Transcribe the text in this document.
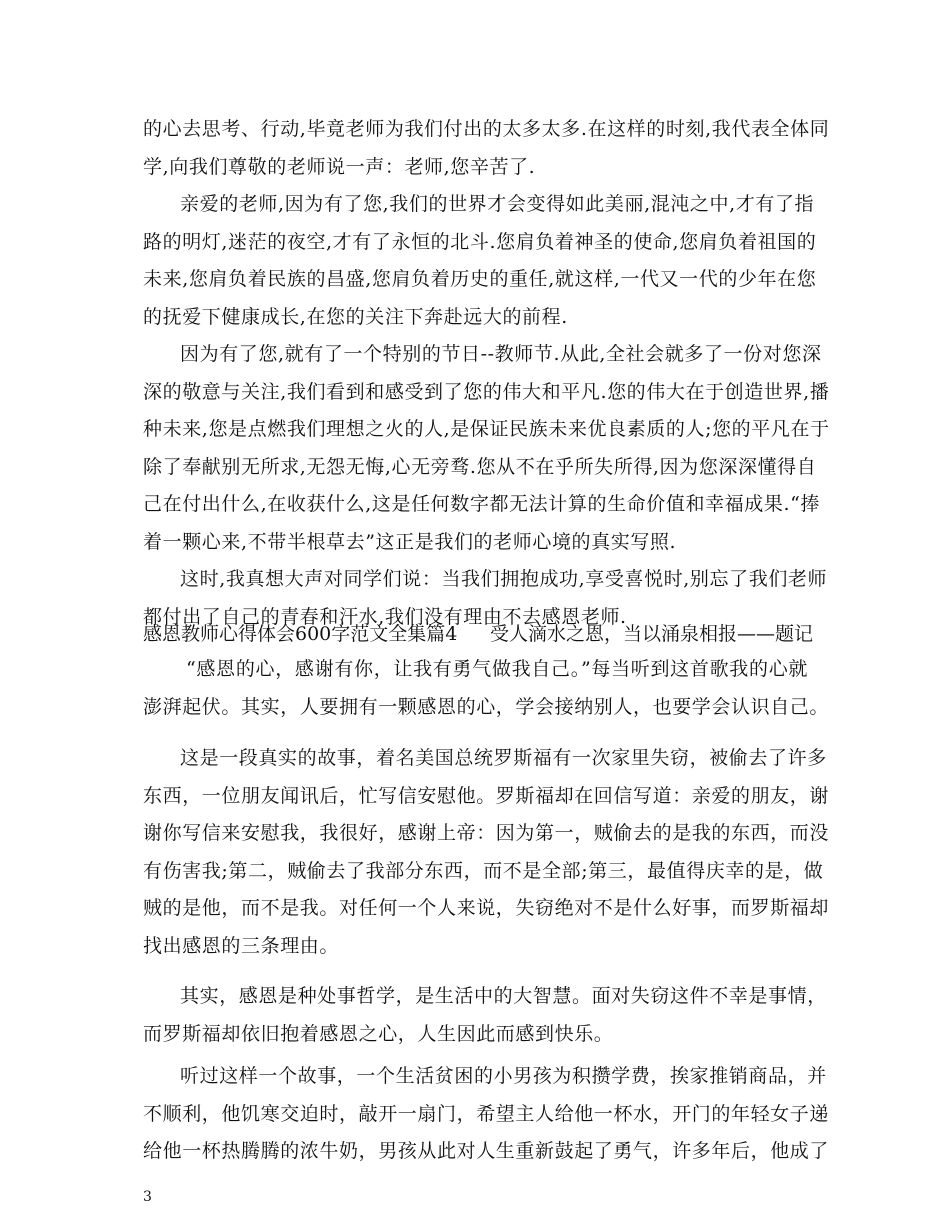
的心去思考、行动,毕竟老师为我们付出的太多太多.在这样的时刻,我代表全体同
学,向我们尊敬的老师说一声：老师,您辛苦了.
亲爱的老师,因为有了您,我们的世界才会变得如此美丽,混沌之中,才有了指
路的明灯,迷茫的夜空,才有了永恒的北斗.您肩负着神圣的使命,您肩负着祖国的
未来,您肩负着民族的昌盛,您肩负着历史的重任,就这样,一代又一代的少年在您
的抚爱下健康成长,在您的关注下奔赴远大的前程.
因为有了您,就有了一个特别的节日--教师节.从此,全社会就多了一份对您深
深的敬意与关注,我们看到和感受到了您的伟大和平凡.您的伟大在于创造世界,播
种未来,您是点燃我们理想之火的人,是保证民族未来优良素质的人;您的平凡在于
除了奉献别无所求,无怨无悔,心无旁骛.您从不在乎所失所得,因为您深深懂得自
己在付出什么,在收获什么,这是任何数字都无法计算的生命价值和幸福成果.“捧
着一颗心来,不带半根草去”这正是我们的老师心境的真实写照.
这时,我真想大声对同学们说：当我们拥抱成功,享受喜悦时,别忘了我们老师
都付出了自己的青春和汗水,我们没有理由不去感恩老师.
感恩教师心得体会600字范文全集篇4 受人滴水之恩，当以涌泉相报——题记
“感恩的心，感谢有你，让我有勇气做我自己。”每当听到这首歌我的心就
澎湃起伏。其实，人要拥有一颗感恩的心，学会接纳别人，也要学会认识自己。
这是一段真实的故事，着名美国总统罗斯福有一次家里失窃，被偷去了许多
东西，一位朋友闻讯后，忙写信安慰他。罗斯福却在回信写道：亲爱的朋友，谢
谢你写信来安慰我，我很好，感谢上帝：因为第一，贼偷去的是我的东西，而没
有伤害我;第二，贼偷去了我部分东西，而不是全部;第三，最值得庆幸的是，做
贼的是他，而不是我。对任何一个人来说，失窃绝对不是什么好事，而罗斯福却
找出感恩的三条理由。
其实，感恩是种处事哲学，是生活中的大智慧。面对失窃这件不幸是事情，
而罗斯福却依旧抱着感恩之心，人生因此而感到快乐。
听过这样一个故事，一个生活贫困的小男孩为积攒学费，挨家推销商品，并
不顺利，他饥寒交迫时，敲开一扇门，希望主人给他一杯水，开门的年轻女子递
给他一杯热腾腾的浓牛奶，男孩从此对人生重新鼓起了勇气，许多年后，他成了
3
